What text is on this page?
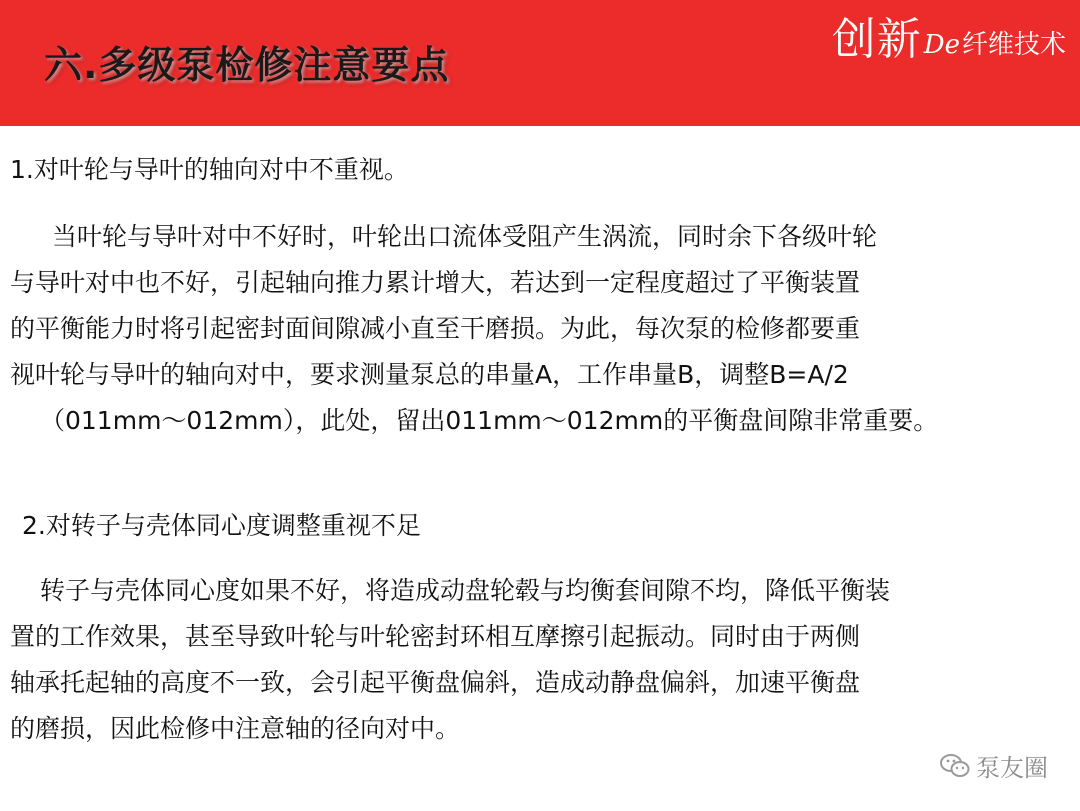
六.多级泵检修注意要点	创新 De 纤维技术
1.对叶轮与导叶的轴向对中不重视。
当叶轮与导叶对中不好时，叶轮出口流体受阻产生涡流，同时余下各级叶轮
与导叶对中也不好，引起轴向推力累计增大，若达到一定程度超过了平衡装置
的平衡能力时将引起密封面间隙减小直至干磨损。为此，每次泵的检修都要重
视叶轮与导叶的轴向对中，要求测量泵总的串量A，工作串量B，调整B=A/2
（011mm～012mm），此处，留出011mm～012mm的平衡盘间隙非常重要。
2.对转子与壳体同心度调整重视不足
转子与壳体同心度如果不好，将造成动盘轮毂与均衡套间隙不均，降低平衡装
置的工作效果，甚至导致叶轮与叶轮密封环相互摩擦引起振动。同时由于两侧
轴承托起轴的高度不一致，会引起平衡盘偏斜，造成动静盘偏斜，加速平衡盘
的磨损，因此检修中注意轴的径向对中。
泵友圈
